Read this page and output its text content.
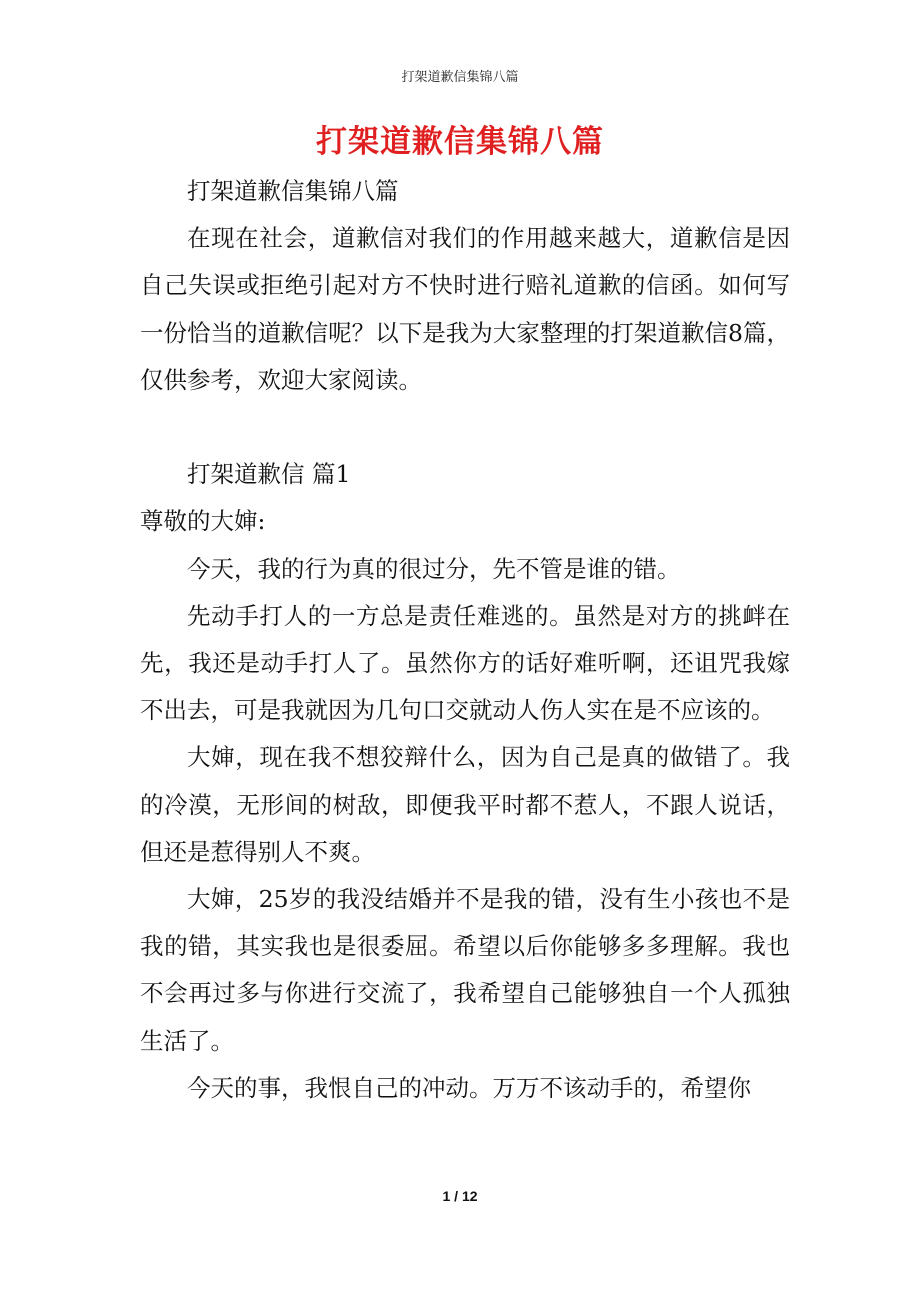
打架道歉信集锦八篇
打架道歉信集锦八篇

打架道歉信集锦八篇

在现在社会，道歉信对我们的作用越来越大，道歉信是因自己失误或拒绝引起对方不快时进行赔礼道歉的信函。如何写一份恰当的道歉信呢？以下是我为大家整理的打架道歉信8篇，仅供参考，欢迎大家阅读。

打架道歉信 篇1

尊敬的大婶:

今天，我的行为真的很过分，先不管是谁的错。

先动手打人的一方总是责任难逃的。虽然是对方的挑衅在先，我还是动手打人了。虽然你方的话好难听啊，还诅咒我嫁不出去，可是我就因为几句口交就动人伤人实在是不应该的。

大婶，现在我不想狡辩什么，因为自己是真的做错了。我的冷漠，无形间的树敌，即便我平时都不惹人，不跟人说话，但还是惹得别人不爽。

大婶，25岁的我没结婚并不是我的错，没有生小孩也不是我的错，其实我也是很委屈。希望以后你能够多多理解。我也不会再过多与你进行交流了，我希望自己能够独自一个人孤独生活了。

今天的事，我恨自己的冲动。万万不该动手的，希望你

1 / 12
